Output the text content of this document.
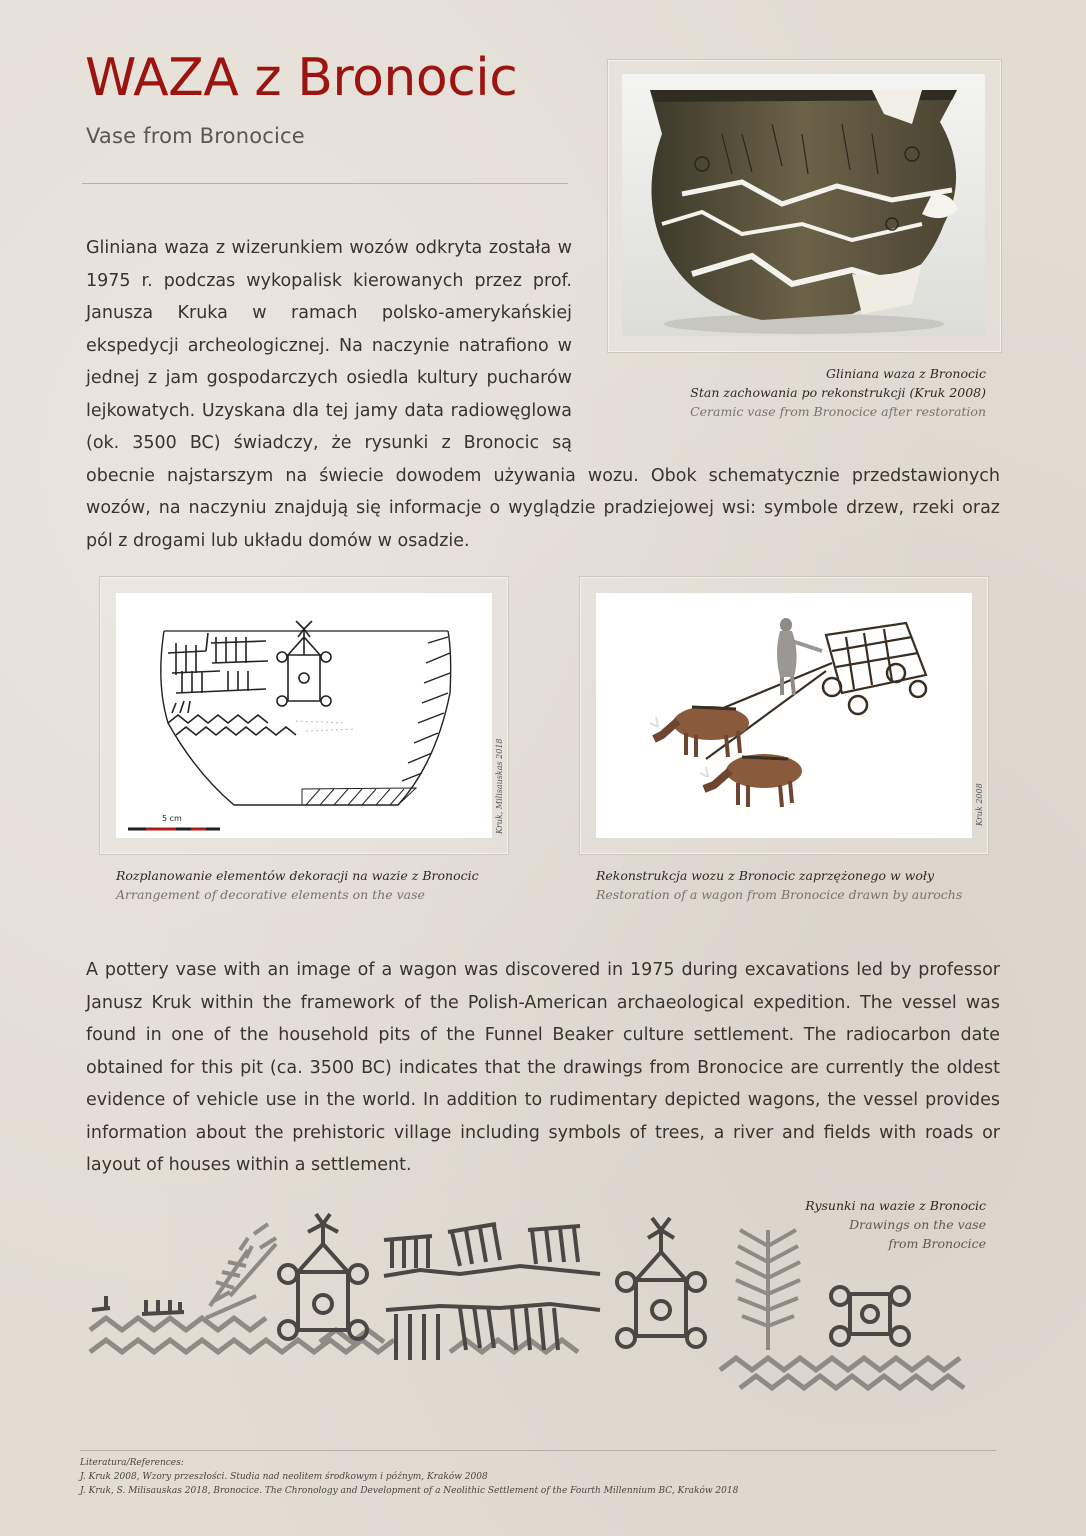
WAZA z Bronocic
Vase from Bronocice
Gliniana waza z Bronocic
Stan zachowania po rekonstrukcji (Kruk 2008)
Ceramic vase from Bronocice after restoration
Gliniana waza z wizerunkiem wozów odkryta została w 1975 r. podczas wykopalisk kierowanych przez prof. Janusza Kruka w ramach polsko-amerykańskiej ekspedycji archeologicznej. Na naczynie natrafiono w jednej z jam gospodarczych osiedla kultury pucharów lejkowatych. Uzyskana dla tej jamy data radiowęglowa (ok. 3500 BC) świadczy, że rysunki z Bronocic są obecnie najstarszym na świecie dowodem używania wozu. Obok schematycznie przedstawionych wozów, na naczyniu znajdują się informacje o wyglądzie pradziejowej wsi: symbole drzew, rzeki oraz pól z drogami lub układu domów w osadzie.
5 cm	Kruk, Milisauskas 2018
Rozplanowanie elementów dekoracji na wazie z Bronocic
Arrangement of decorative elements on the vase
Kruk 2008
Rekonstrukcja wozu z Bronocic zaprzężonego w woły
Restoration of a wagon from Bronocice drawn by aurochs
A pottery vase with an image of a wagon was discovered in 1975 during excavations led by professor Janusz Kruk within the framework of the Polish-American archaeological expedition. The vessel was found in one of the household pits of the Funnel Beaker culture settlement. The radiocarbon date obtained for this pit (ca. 3500 BC) indicates that the drawings from Bronocice are currently the oldest evidence of vehicle use in the world. In addition to rudimentary depicted wagons, the vessel provides information about the prehistoric village including symbols of trees, a river and fields with roads or layout of houses within a settlement.
Rysunki na wazie z Bronocic
Drawings on the vase
from Bronocice
Literatura/References:
J. Kruk 2008, Wzory przeszłości. Studia nad neolitem środkowym i późnym, Kraków 2008
J. Kruk, S. Milisauskas 2018, Bronocice. The Chronology and Development of a Neolithic Settlement of the Fourth Millennium BC, Kraków 2018
